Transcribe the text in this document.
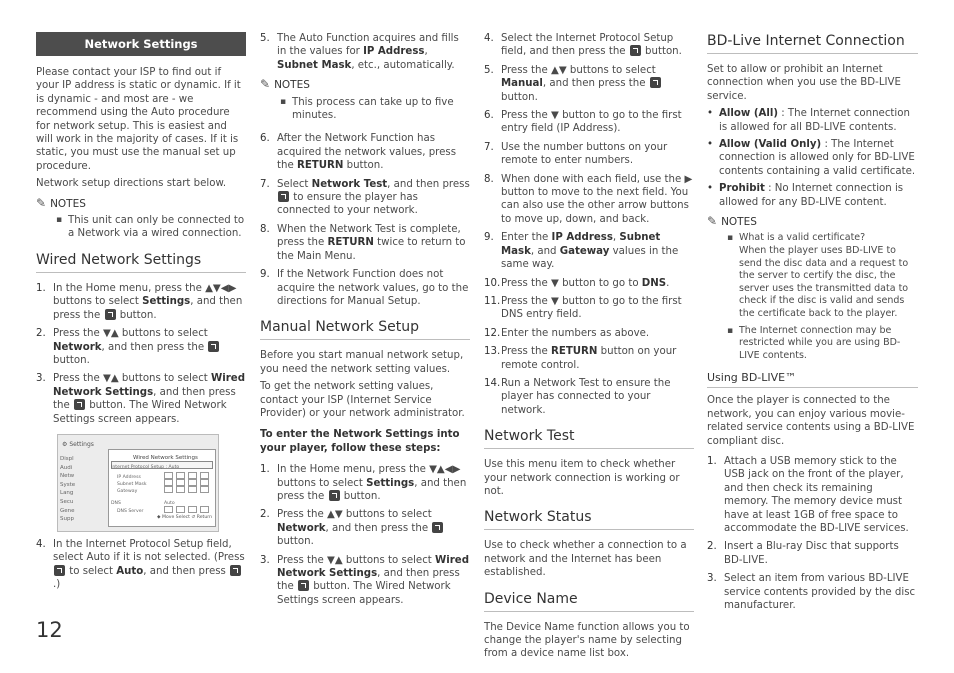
Network Settings

Please contact your ISP to find out if your IP address is static or dynamic. If it is dynamic - and most are - we recommend using the Auto procedure for network setup. This is easiest and will work in the majority of cases. If it is static, you must use the manual set up procedure.

Network setup directions start below.

✎ NOTES
▪ This unit can only be connected to a Network via a wired connection.
Wired Network Settings
1. In the Home menu, press the ▲▼◀▶ buttons to select Settings, and then press the  button.
2. Press the ▼▲ buttons to select Network, and then press the  button.
3. Press the ▼▲ buttons to select Wired Network Settings, and then press the  button. The Wired Network Settings screen appears.
⚙ Settings
Displ
Audi
Netw
Syste
Lang
Secu
Gene
Supp
Wired Network Settings
Internet Protocol Setup : Auto
IP Address
Subnet Mask
Gateway
DNS	Auto
DNS Server
◆ Move Select ↺ Return
4. In the Internet Protocol Setup field, select Auto if it is not selected. (Press  to select Auto, and then press .)
5. The Auto Function acquires and fills in the values for IP Address, Subnet Mask, etc., automatically.
✎ NOTES
▪ This process can take up to five minutes.
6. After the Network Function has acquired the network values, press the RETURN button.
7. Select Network Test, and then press  to ensure the player has connected to your network.
8. When the Network Test is complete, press the RETURN twice to return to the Main Menu.
9. If the Network Function does not acquire the network values, go to the directions for Manual Setup.
Manual Network Setup

Before you start manual network setup, you need the network setting values.

To get the network setting values, contact your ISP (Internet Service Provider) or your network administrator.

To enter the Network Settings into your player, follow these steps:

1. In the Home menu, press the ▼▲◀▶ buttons to select Settings, and then press the  button.
2. Press the ▲▼ buttons to select Network, and then press the  button.
3. Press the ▼▲ buttons to select Wired Network Settings, and then press the  button. The Wired Network Settings screen appears.
4. Select the Internet Protocol Setup field, and then press the  button.
5. Press the ▲▼ buttons to select Manual, and then press the  button.
6. Press the ▼ button to go to the first entry field (IP Address).
7. Use the number buttons on your remote to enter numbers.
8. When done with each field, use the ▶ button to move to the next field. You can also use the other arrow buttons to move up, down, and back.
9. Enter the IP Address, Subnet Mask, and Gateway values in the same way.
10. Press the ▼ button to go to DNS.
11. Press the ▼ button to go to the first DNS entry field.
12. Enter the numbers as above.
13. Press the RETURN button on your remote control.
14. Run a Network Test to ensure the player has connected to your network.
Network Test

Use this menu item to check whether your network connection is working or not.

Network Status

Use to check whether a connection to a network and the Internet has been established.

Device Name

The Device Name function allows you to change the player's name by selecting from a device name list box.

BD-Live Internet Connection

Set to allow or prohibit an Internet connection when you use the BD-LIVE service.

• Allow (All) : The Internet connection is allowed for all BD-LIVE contents.
• Allow (Valid Only) : The Internet connection is allowed only for BD-LIVE contents containing a valid certificate.
• Prohibit : No Internet connection is allowed for any BD-LIVE content.
✎ NOTES
▪ What is a valid certificate?
When the player uses BD-LIVE to send the disc data and a request to the server to certify the disc, the server uses the transmitted data to check if the disc is valid and sends the certificate back to the player.
▪ The Internet connection may be restricted while you are using BD-LIVE contents.
Using BD-LIVE™

Once the player is connected to the network, you can enjoy various movie-related service contents using a BD-LIVE compliant disc.

1. Attach a USB memory stick to the USB jack on the front of the player, and then check its remaining memory. The memory device must have at least 1GB of free space to accommodate the BD-LIVE services.
2. Insert a Blu-ray Disc that supports BD-LIVE.
3. Select an item from various BD-LIVE service contents provided by the disc manufacturer.
12
